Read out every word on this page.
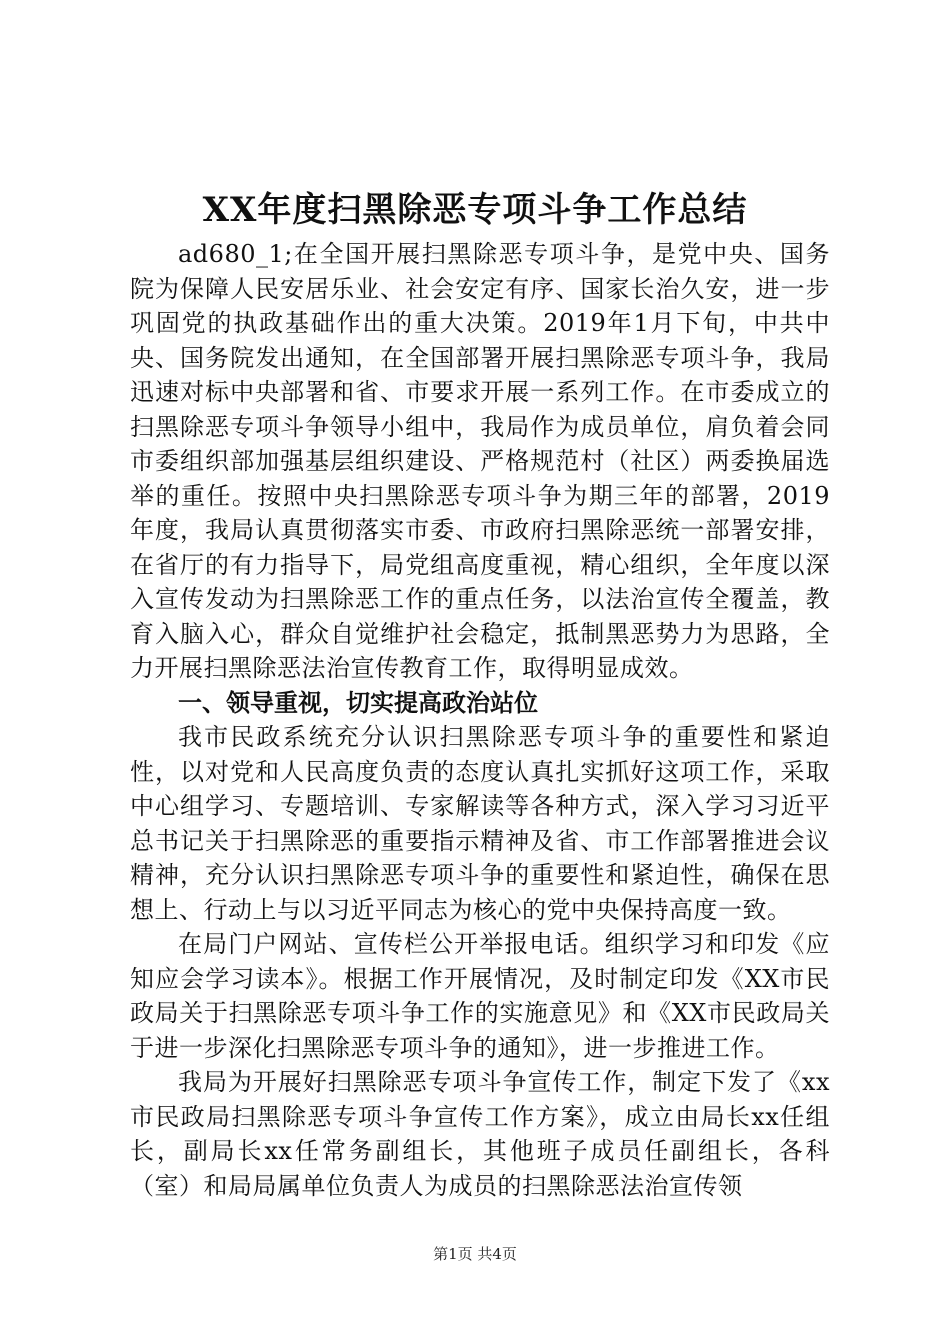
XX年度扫黑除恶专项斗争工作总结

ad680_1;在全国开展扫黑除恶专项斗争，是党中央、国务院为保障人民安居乐业、社会安定有序、国家长治久安，进一步巩固党的执政基础作出的重大决策。2019年1月下旬，中共中央、国务院发出通知，在全国部署开展扫黑除恶专项斗争，我局迅速对标中央部署和省、市要求开展一系列工作。在市委成立的扫黑除恶专项斗争领导小组中，我局作为成员单位，肩负着会同市委组织部加强基层组织建设、严格规范村（社区）两委换届选举的重任。按照中央扫黑除恶专项斗争为期三年的部署，2019年度，我局认真贯彻落实市委、市政府扫黑除恶统一部署安排，在省厅的有力指导下，局党组高度重视，精心组织，全年度以深入宣传发动为扫黑除恶工作的重点任务，以法治宣传全覆盖，教育入脑入心，群众自觉维护社会稳定，抵制黑恶势力为思路，全力开展扫黑除恶法治宣传教育工作，取得明显成效。

一、领导重视，切实提高政治站位

我市民政系统充分认识扫黑除恶专项斗争的重要性和紧迫性，以对党和人民高度负责的态度认真扎实抓好这项工作，采取中心组学习、专题培训、专家解读等各种方式，深入学习习近平总书记关于扫黑除恶的重要指示精神及省、市工作部署推进会议精神，充分认识扫黑除恶专项斗争的重要性和紧迫性，确保在思想上、行动上与以习近平同志为核心的党中央保持高度一致。

在局门户网站、宣传栏公开举报电话。组织学习和印发《应知应会学习读本》。根据工作开展情况，及时制定印发《XX市民政局关于扫黑除恶专项斗争工作的实施意见》和《XX市民政局关于进一步深化扫黑除恶专项斗争的通知》，进一步推进工作。

我局为开展好扫黑除恶专项斗争宣传工作，制定下发了《xx市民政局扫黑除恶专项斗争宣传工作方案》，成立由局长xx任组长，副局长xx任常务副组长，其他班子成员任副组长，各科（室）和局局属单位负责人为成员的扫黑除恶法治宣传领

第1页 共4页
